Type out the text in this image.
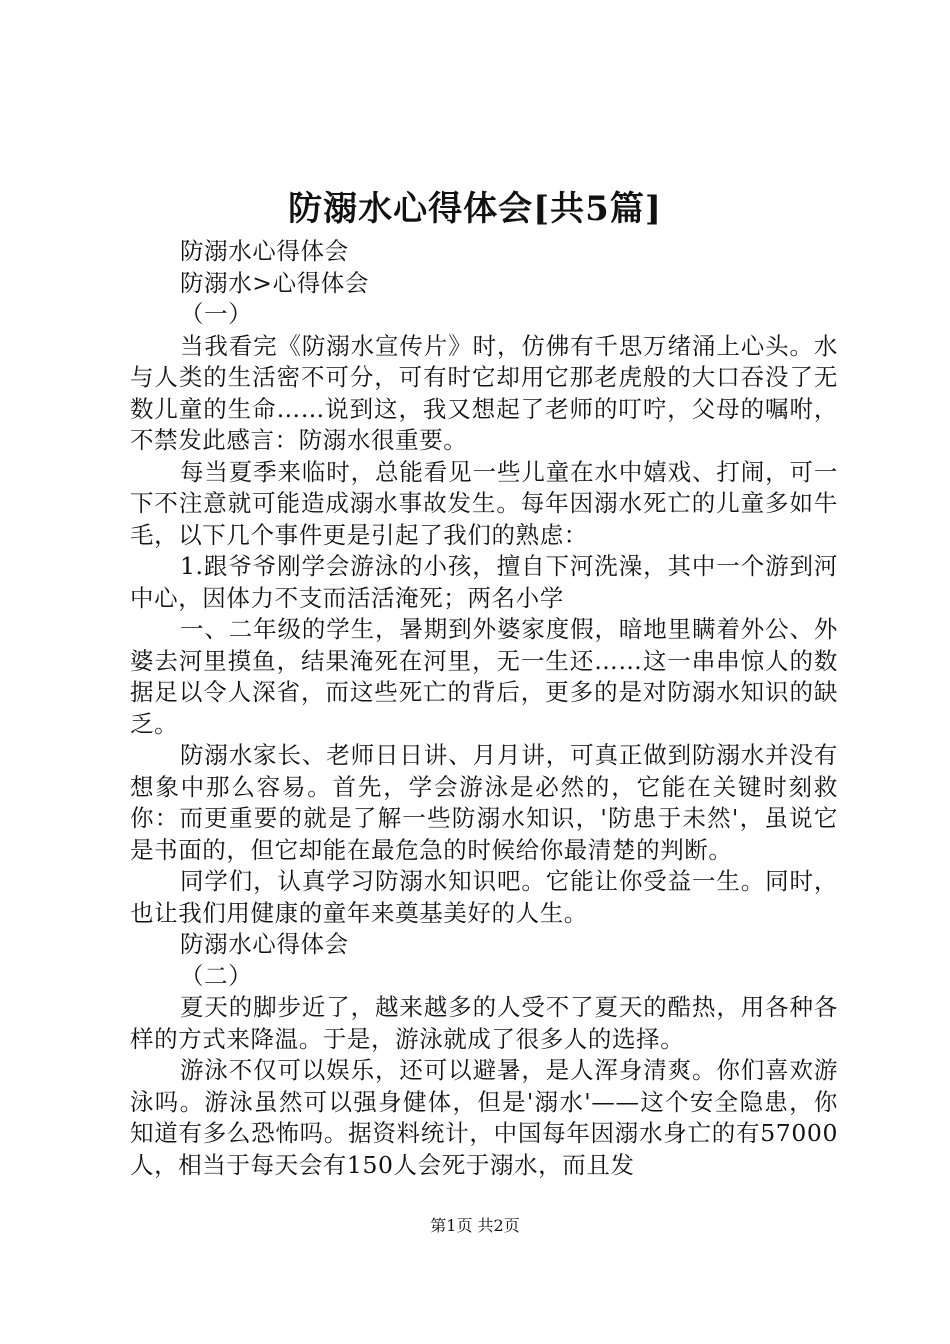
防溺水心得体会[共5篇]

防溺水心得体会

防溺水>心得体会

（一）

当我看完《防溺水宣传片》时，仿佛有千思万绪涌上心头。水与人类的生活密不可分，可有时它却用它那老虎般的大口吞没了无数儿童的生命……说到这，我又想起了老师的叮咛，父母的嘱咐，不禁发此感言：防溺水很重要。

每当夏季来临时，总能看见一些儿童在水中嬉戏、打闹，可一下不注意就可能造成溺水事故发生。每年因溺水死亡的儿童多如牛毛，以下几个事件更是引起了我们的熟虑：

1.跟爷爷刚学会游泳的小孩，擅自下河洗澡，其中一个游到河中心，因体力不支而活活淹死；两名小学

一、二年级的学生，暑期到外婆家度假，暗地里瞒着外公、外婆去河里摸鱼，结果淹死在河里，无一生还……这一串串惊人的数据足以令人深省，而这些死亡的背后，更多的是对防溺水知识的缺乏。

防溺水家长、老师日日讲、月月讲，可真正做到防溺水并没有想象中那么容易。首先，学会游泳是必然的，它能在关键时刻救你：而更重要的就是了解一些防溺水知识，'防患于未然'，虽说它是书面的，但它却能在最危急的时候给你最清楚的判断。

同学们，认真学习防溺水知识吧。它能让你受益一生。同时，也让我们用健康的童年来奠基美好的人生。

防溺水心得体会

（二）

夏天的脚步近了，越来越多的人受不了夏天的酷热，用各种各样的方式来降温。于是，游泳就成了很多人的选择。

游泳不仅可以娱乐，还可以避暑，是人浑身清爽。你们喜欢游泳吗。游泳虽然可以强身健体，但是'溺水'——这个安全隐患，你知道有多么恐怖吗。据资料统计，中国每年因溺水身亡的有57000人，相当于每天会有150人会死于溺水，而且发

第1页 共2页
